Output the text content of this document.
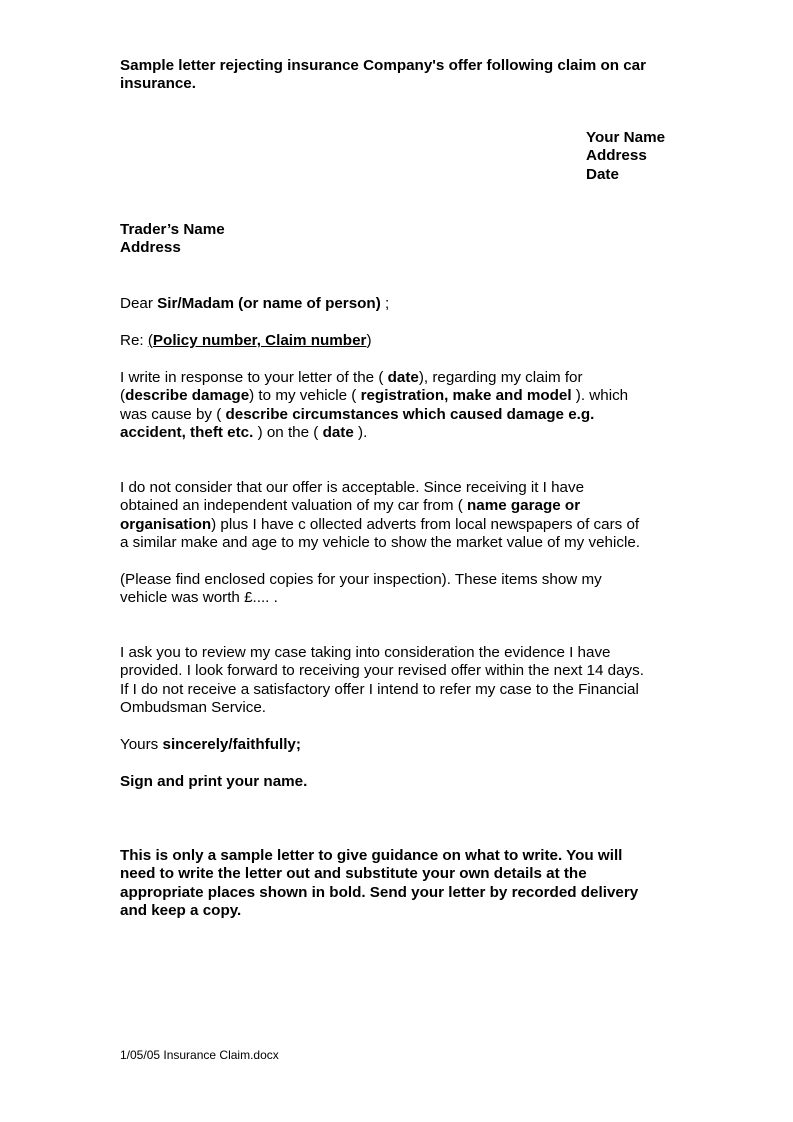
Sample letter rejecting insurance Company's offer following claim on car
insurance.
Your Name
Address
Date
Trader’s Name
Address
Dear Sir/Madam (or name of person) ;
Re: (Policy number, Claim number)
I write in response to your letter of the ( date), regarding my claim for
(describe damage) to my vehicle ( registration, make and model ). which
was cause by ( describe circumstances which caused damage e.g.
accident, theft etc. ) on the ( date ).
I do not consider that our offer is acceptable. Since receiving it I have
obtained an independent valuation of my car from ( name garage or
organisation) plus I have c ollected adverts from local newspapers of cars of
a similar make and age to my vehicle to show the market value of my vehicle.
(Please find enclosed copies for your inspection). These items show my
vehicle was worth £.... .
I ask you to review my case taking into consideration the evidence I have
provided. I look forward to receiving your revised offer within the next 14 days.
If I do not receive a satisfactory offer I intend to refer my case to the Financial
Ombudsman Service.
Yours sincerely/faithfully;
Sign and print your name.
This is only a sample letter to give guidance on what to write. You will
need to write the letter out and substitute your own details at the
appropriate places shown in bold. Send your letter by recorded delivery
and keep a copy.
1/05/05 Insurance Claim.docx
